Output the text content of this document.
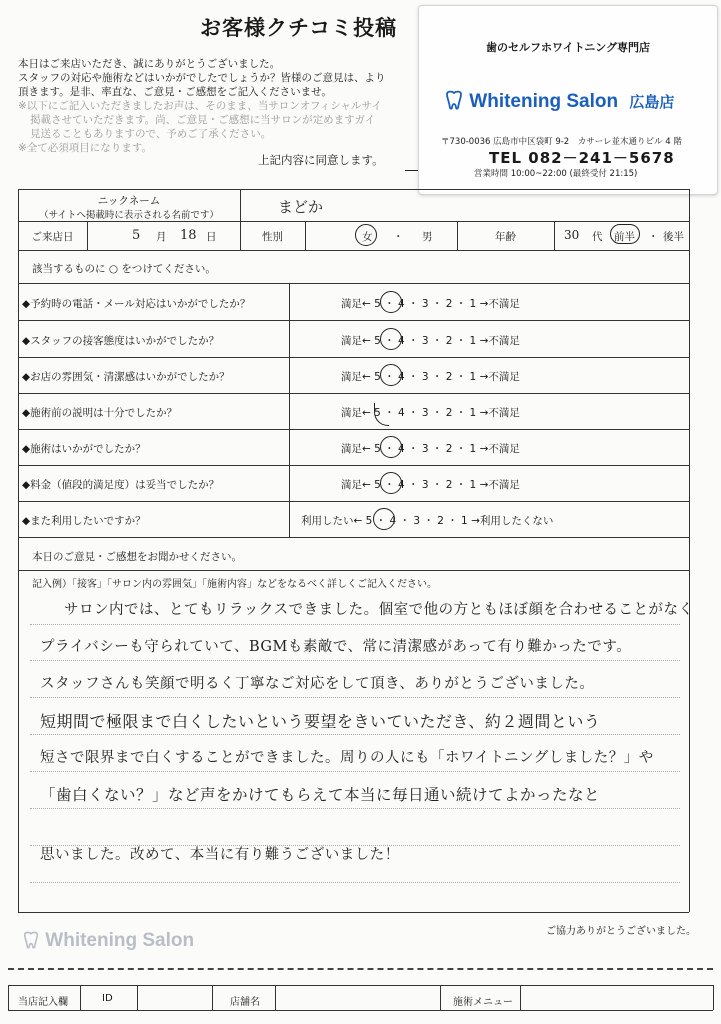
お客様クチコミ投稿
本日はご来店いただき、誠にありがとうございました。
スタッフの対応や施術などはいかがでしたでしょうか？皆様のご意見は、より
頂きます。是非、率直な、ご意見・ご感想をご記入くださいませ。
※以下にご記入いただきましたお声は、そのまま、当サロンオフィシャルサイ
掲載させていただきます。尚、ご意見・ご感想に当サロンが定めますガイ
見送ることもありますので、予めご了承ください。
※全て必須項目になります。
上記内容に同意します。
歯のセルフホワイトニング専門店
Whitening Salon 広島店
〒730-0036 広島市中区袋町 9-2　カサーレ並木通りビル 4 階
TEL 082－241－5678
営業時間 10:00~22:00 (最終受付 21:15)
ニックネーム
（サイトへ掲載時に表示される名前です）	まどか
ご来店日	5 月 18 日	性別	女 ・ 男	年齢	30 代 前半 ・ 後半
該当するものに ○ をつけてください。
◆予約時の電話・メール対応はいかがでしたか？	満足← 5 ・ 4 ・ 3 ・ 2 ・ 1 →不満足
◆スタッフの接客態度はいかがでしたか？	満足← 5 ・ 4 ・ 3 ・ 2 ・ 1 →不満足
◆お店の雰囲気・清潔感はいかがでしたか？	満足← 5 ・ 4 ・ 3 ・ 2 ・ 1 →不満足
◆施術前の説明は十分でしたか？	満足← 5 ・ 4 ・ 3 ・ 2 ・ 1 →不満足
◆施術はいかがでしたか？	満足← 5 ・ 4 ・ 3 ・ 2 ・ 1 →不満足
◆料金（値段的満足度）は妥当でしたか？	満足← 5 ・ 4 ・ 3 ・ 2 ・ 1 →不満足
◆また利用したいですか？	利用したい← 5 ・ 4 ・ 3 ・ 2 ・ 1 →利用したくない
本日のご意見・ご感想をお聞かせください。
記入例）「接客」「サロン内の雰囲気」「施術内容」などをなるべく詳しくご記入ください。
サロン内では、とてもリラックスできました。個室で他の方ともほぼ顔を合わせることがなく
プライバシーも守られていて、BGMも素敵で、常に清潔感があって有り難かったです。
スタッフさんも笑顔で明るく丁寧なご対応をして頂き、ありがとうございました。
短期間で極限まで白くしたいという要望をきいていただき、約２週間という
短さで限界まで白くすることができました。周りの人にも「ホワイトニングしました？」や
「歯白くない？」など声をかけてもらえて本当に毎日通い続けてよかったなと
思いました。改めて、本当に有り難うございました！
ご協力ありがとうございました。
Whitening Salon
当店記入欄	ID	店舗名	施術メニュー
